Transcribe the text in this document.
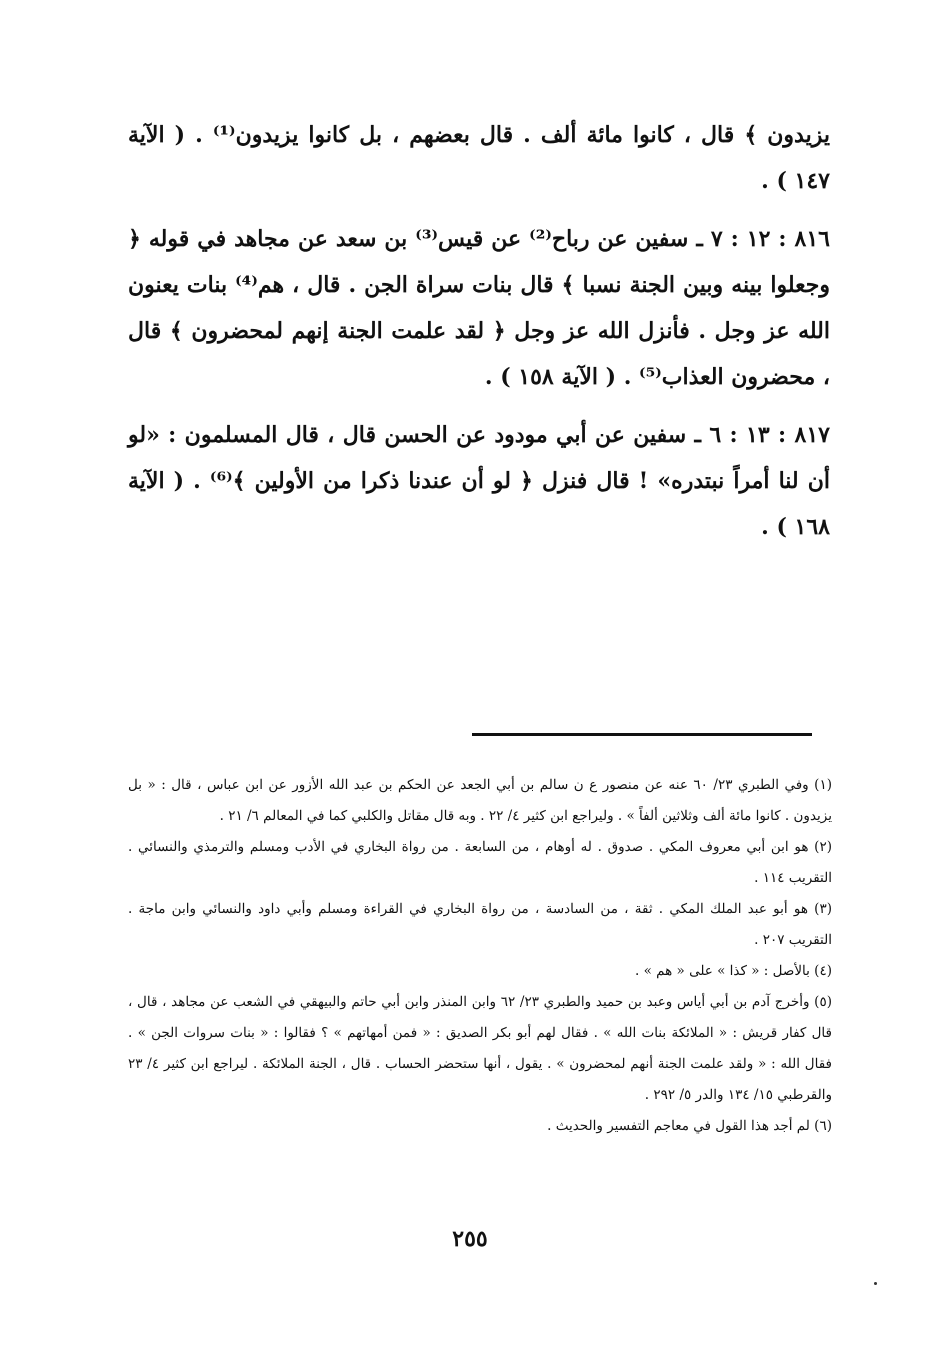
يزيدون ﴾ قال ، كانوا مائة ألف . قال بعضهم ، بل كانوا يزيدون⁽¹⁾ . ( الآية ١٤٧ ) .

٨١٦ : ١٢ : ٧ ـ سفين عن رباح⁽²⁾ عن قيس⁽³⁾ بن سعد عن مجاهد في قوله ﴿ وجعلوا بينه وبين الجنة نسبا ﴾ قال بنات سراة الجن . قال ، هم⁽⁴⁾ بنات يعنون الله عز وجل . فأنزل الله عز وجل ﴿ لقد علمت الجنة إنهم لمحضرون ﴾ قال ، محضرون العذاب⁽⁵⁾ . ( الآية ١٥٨ ) .

٨١٧ : ١٣ : ٦ ـ سفين عن أبي مودود عن الحسن قال ، قال المسلمون : «لو أن لنا أمراً نبتدره» ! قال فنزل ﴿ لو أن عندنا ذكرا من الأولين ﴾⁽⁶⁾ . ( الآية ١٦٨ ) .

(١) وفي الطبري ٢٣/ ٦٠ عنه عن منصور ع ن سالم بن أبي الجعد عن الحكم بن عبد الله الأزور عن ابن عباس ، قال : « بل يزيدون . كانوا مائة ألف وثلاثين ألفاً » . وليراجع ابن كثير ٤/ ٢٢ . وبه قال مقاتل والكلبي كما في المعالم ٦/ ٢١ .

(٢) هو ابن أبي معروف المكي . صدوق . له أوهام ، من السابعة . من رواة البخاري في الأدب ومسلم والترمذي والنسائي . التقريب ١١٤ .

(٣) هو أبو عبد الملك المكي . ثقة ، من السادسة ، من رواة البخاري في القراءة ومسلم وأبي داود والنسائي وابن ماجة . التقريب ٢٠٧ .

(٤) بالأصل : « كذا » على « هم » .

(٥) وأخرج آدم بن أبي أياس وعبد بن حميد والطبري ٢٣/ ٦٢ وابن المنذر وابن أبي حاتم والبيهقي في الشعب عن مجاهد ، قال ، قال كفار قريش : « الملائكة بنات الله » . فقال لهم أبو بكر الصديق : « فمن أمهاتهم » ؟ فقالوا : « بنات سروات الجن » . فقال الله : « ولقد علمت الجنة أنهم لمحضرون » . يقول ، أنها ستحضر الحساب . قال ، الجنة الملائكة . ليراجع ابن كثير ٤/ ٢٣ والقرطبي ١٥/ ١٣٤ والدر ٥/ ٢٩٢ .

(٦) لم أجد هذا القول في معاجم التفسير والحديث .

٢٥٥
